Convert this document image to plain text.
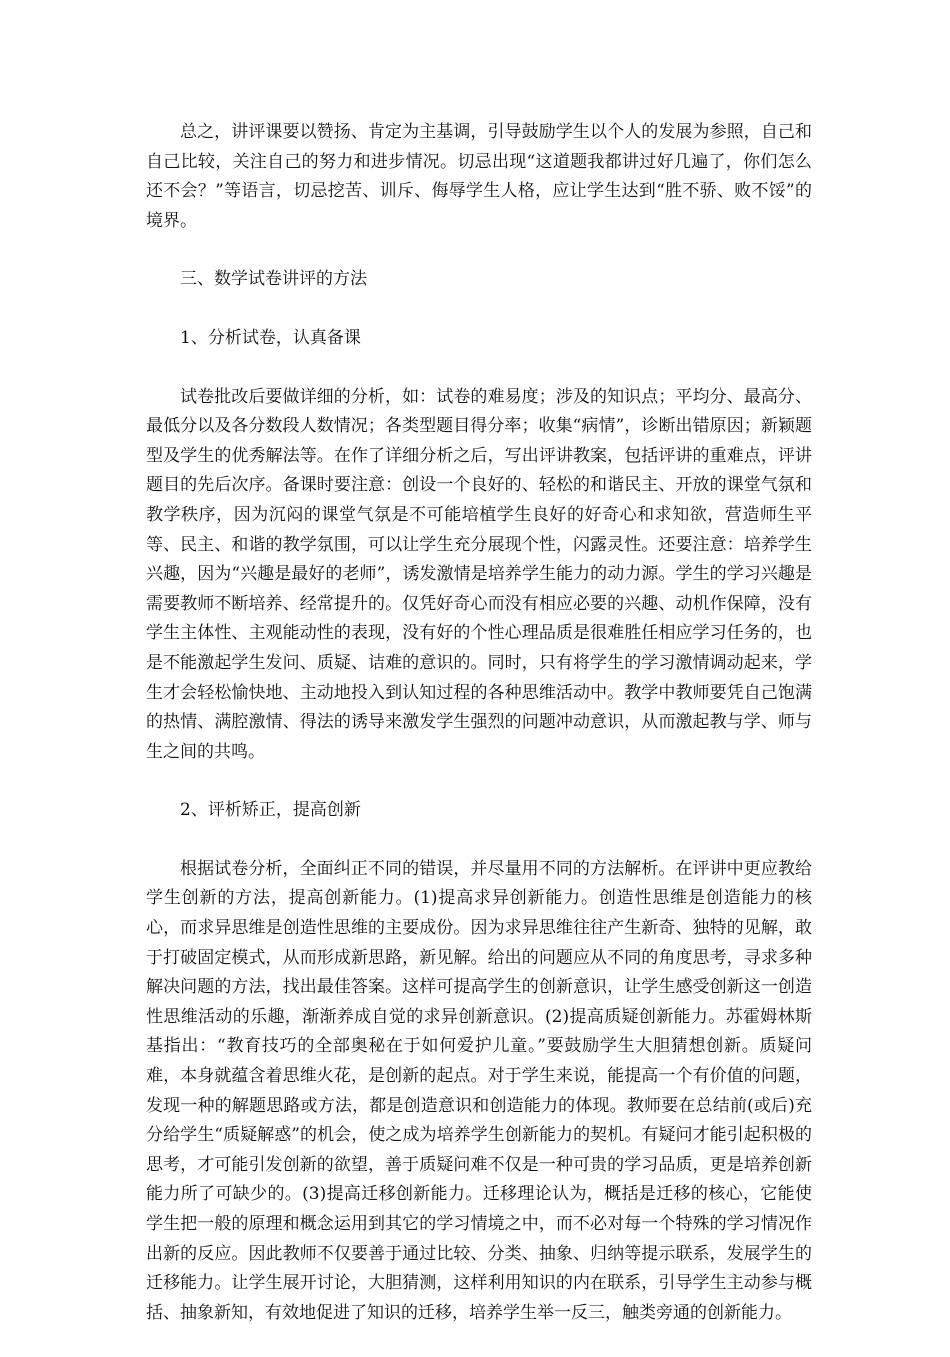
总之，讲评课要以赞扬、肯定为主基调，引导鼓励学生以个人的发展为参照，自己和自己比较，关注自己的努力和进步情况。切忌出现“这道题我都讲过好几遍了，你们怎么还不会？”等语言，切忌挖苦、训斥、侮辱学生人格，应让学生达到“胜不骄、败不馁”的境界。

三、数学试卷讲评的方法

1、分析试卷，认真备课

试卷批改后要做详细的分析，如：试卷的难易度；涉及的知识点；平均分、最高分、最低分以及各分数段人数情况；各类型题目得分率；收集“病情”，诊断出错原因；新颖题型及学生的优秀解法等。在作了详细分析之后，写出评讲教案，包括评讲的重难点，评讲题目的先后次序。备课时要注意：创设一个良好的、轻松的和谐民主、开放的课堂气氛和教学秩序，因为沉闷的课堂气氛是不可能培植学生良好的好奇心和求知欲，营造师生平等、民主、和谐的教学氛围，可以让学生充分展现个性，闪露灵性。还要注意：培养学生兴趣，因为“兴趣是最好的老师”，诱发激情是培养学生能力的动力源。学生的学习兴趣是需要教师不断培养、经常提升的。仅凭好奇心而没有相应必要的兴趣、动机作保障，没有学生主体性、主观能动性的表现，没有好的个性心理品质是很难胜任相应学习任务的，也是不能激起学生发问、质疑、诘难的意识的。同时，只有将学生的学习激情调动起来，学生才会轻松愉快地、主动地投入到认知过程的各种思维活动中。教学中教师要凭自己饱满的热情、满腔激情、得法的诱导来激发学生强烈的问题冲动意识，从而激起教与学、师与生之间的共鸣。

2、评析矫正，提高创新

根据试卷分析，全面纠正不同的错误，并尽量用不同的方法解析。在评讲中更应教给学生创新的方法，提高创新能力。(1)提高求异创新能力。创造性思维是创造能力的核心，而求异思维是创造性思维的主要成份。因为求异思维往往产生新奇、独特的见解，敢于打破固定模式，从而形成新思路，新见解。给出的问题应从不同的角度思考，寻求多种解决问题的方法，找出最佳答案。这样可提高学生的创新意识，让学生感受创新这一创造性思维活动的乐趣，渐渐养成自觉的求异创新意识。(2)提高质疑创新能力。苏霍姆林斯基指出：“教育技巧的全部奥秘在于如何爱护儿童。”要鼓励学生大胆猜想创新。质疑问难，本身就蕴含着思维火花，是创新的起点。对于学生来说，能提高一个有价值的问题，发现一种的解题思路或方法，都是创造意识和创造能力的体现。教师要在总结前(或后)充分给学生“质疑解惑”的机会，使之成为培养学生创新能力的契机。有疑问才能引起积极的思考，才可能引发创新的欲望，善于质疑问难不仅是一种可贵的学习品质，更是培养创新能力所了可缺少的。(3)提高迁移创新能力。迁移理论认为，概括是迁移的核心，它能使学生把一般的原理和概念运用到其它的学习情境之中，而不必对每一个特殊的学习情况作出新的反应。因此教师不仅要善于通过比较、分类、抽象、归纳等提示联系，发展学生的迁移能力。让学生展开讨论，大胆猜测，这样利用知识的内在联系，引导学生主动参与概括、抽象新知，有效地促进了知识的迁移，培养学生举一反三，触类旁通的创新能力。
